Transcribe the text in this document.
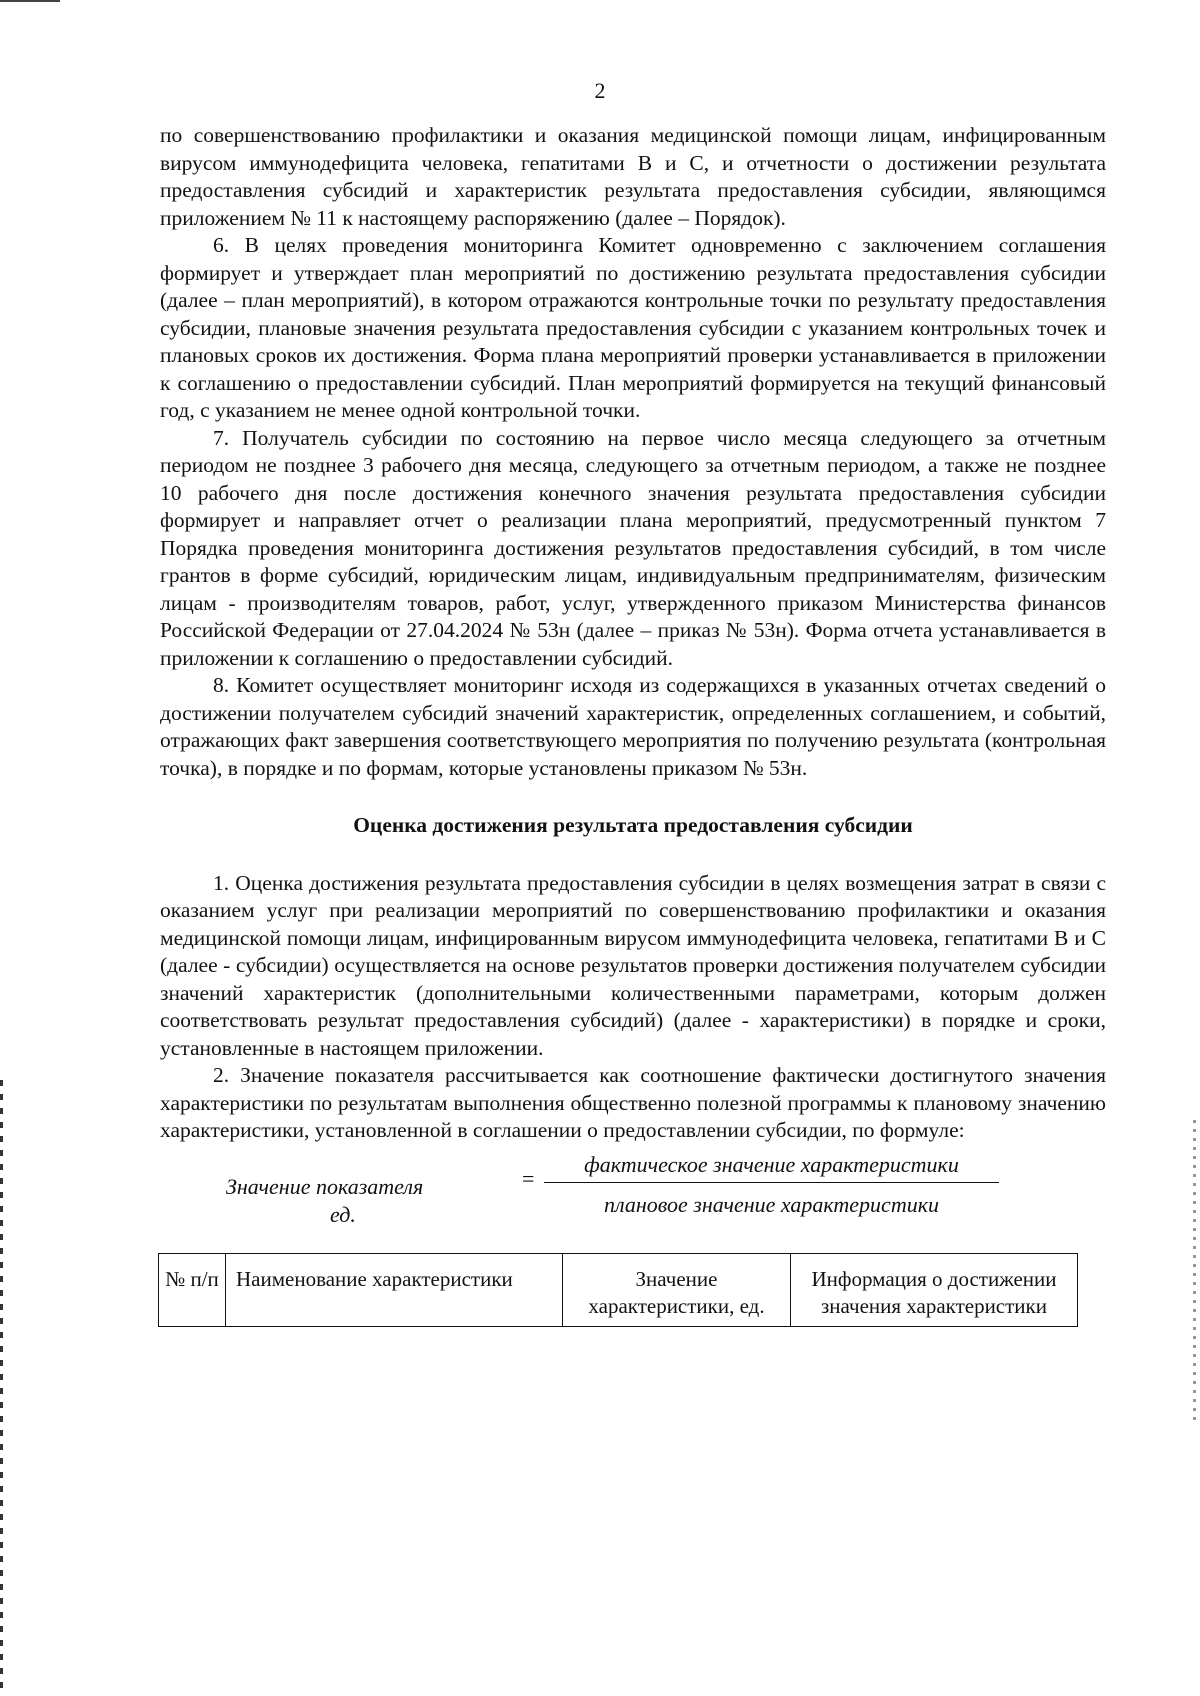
2

по совершенствованию профилактики и оказания медицинской помощи лицам, инфицированным вирусом иммунодефицита человека, гепатитами В и С, и отчетности о достижении результата предоставления субсидий и характеристик результата предоставления субсидии, являющимся приложением № 11 к настоящему распоряжению (далее – Порядок).

6. В целях проведения мониторинга Комитет одновременно с заключением соглашения формирует и утверждает план мероприятий по достижению результата предоставления субсидии (далее – план мероприятий), в котором отражаются контрольные точки по результату предоставления субсидии, плановые значения результата предоставления субсидии с указанием контрольных точек и плановых сроков их достижения. Форма плана мероприятий проверки устанавливается в приложении к соглашению о предоставлении субсидий. План мероприятий формируется на текущий финансовый год, с указанием не менее одной контрольной точки.

7. Получатель субсидии по состоянию на первое число месяца следующего за отчетным периодом не позднее 3 рабочего дня месяца, следующего за отчетным периодом, а также не позднее 10 рабочего дня после достижения конечного значения результата предоставления субсидии формирует и направляет отчет о реализации плана мероприятий, предусмотренный пунктом 7 Порядка проведения мониторинга достижения результатов предоставления субсидий, в том числе грантов в форме субсидий, юридическим лицам, индивидуальным предпринимателям, физическим лицам - производителям товаров, работ, услуг, утвержденного приказом Министерства финансов Российской Федерации от 27.04.2024 № 53н (далее – приказ № 53н). Форма отчета устанавливается в приложении к соглашению о предоставлении субсидий.

8. Комитет осуществляет мониторинг исходя из содержащихся в указанных отчетах сведений о достижении получателем субсидий значений характеристик, определенных соглашением, и событий, отражающих факт завершения соответствующего мероприятия по получению результата (контрольная точка), в порядке и по формам, которые установлены приказом № 53н.

Оценка достижения результата предоставления субсидии

1. Оценка достижения результата предоставления субсидии в целях возмещения затрат в связи с оказанием услуг при реализации мероприятий по совершенствованию профилактики и оказания медицинской помощи лицам, инфицированным вирусом иммунодефицита человека, гепатитами В и С (далее - субсидии) осуществляется на основе результатов проверки достижения получателем субсидии значений характеристик (дополнительными количественными параметрами, которым должен соответствовать результат предоставления субсидий) (далее - характеристики) в порядке и сроки, установленные в настоящем приложении.

2. Значение показателя рассчитывается как соотношение фактически достигнутого значения характеристики по результатам выполнения общественно полезной программы к плановому значению характеристики, установленной в соглашении о предоставлении субсидии, по формуле:

Значение показателя
ед.
=
фактическое значение характеристики
плановое значение характеристики
№ п/п	Наименование характеристики	Значение характеристики, ед.	Информация о достижении значения характеристики
